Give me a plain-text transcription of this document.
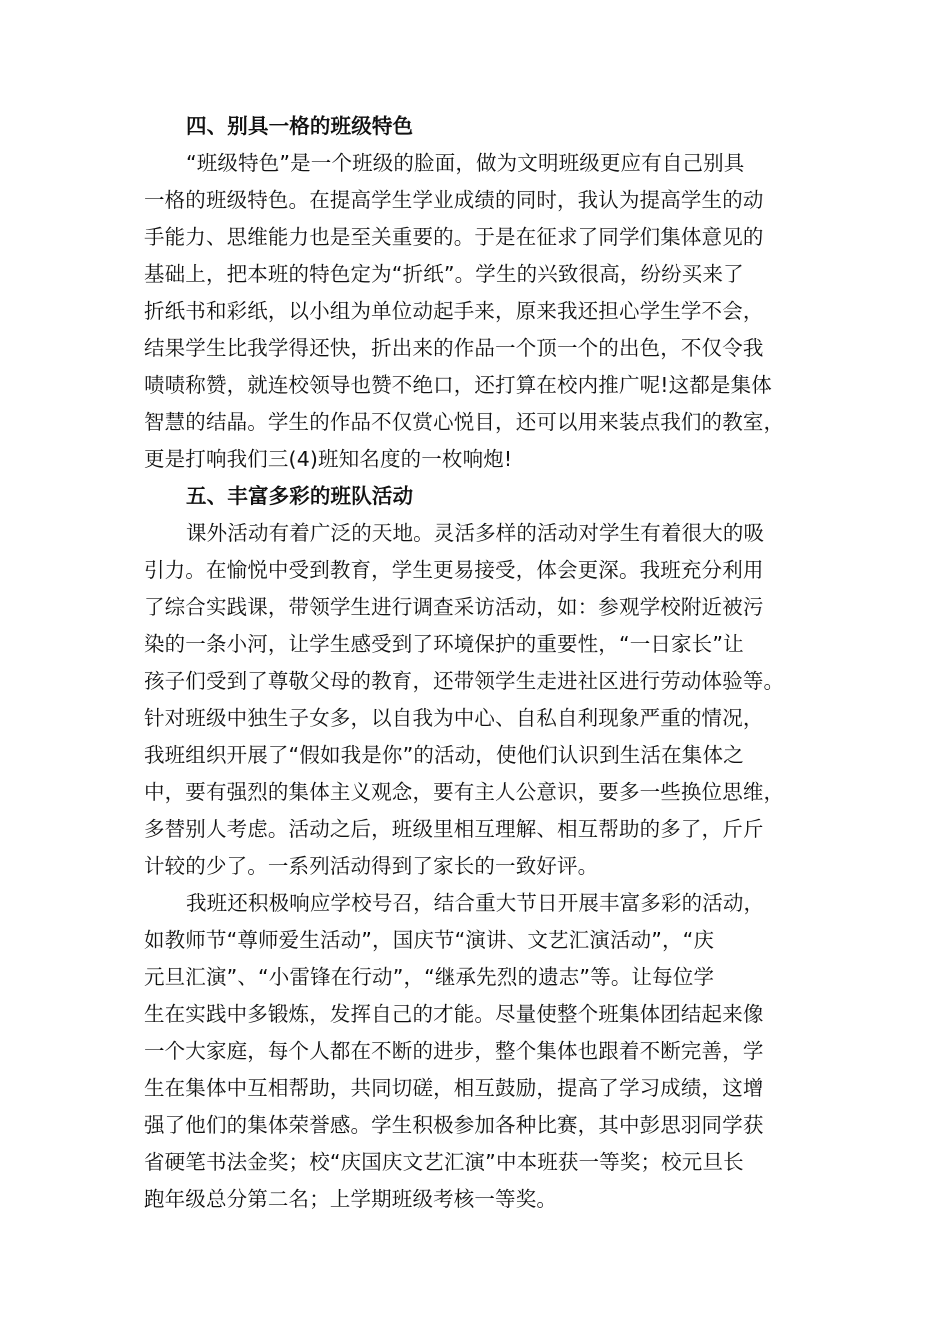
四、别具一格的班级特色
“班级特色”是一个班级的脸面，做为文明班级更应有自己别具
一格的班级特色。在提高学生学业成绩的同时，我认为提高学生的动
手能力、思维能力也是至关重要的。于是在征求了同学们集体意见的
基础上，把本班的特色定为“折纸”。学生的兴致很高，纷纷买来了
折纸书和彩纸，以小组为单位动起手来，原来我还担心学生学不会，
结果学生比我学得还快，折出来的作品一个顶一个的出色，不仅令我
啧啧称赞，就连校领导也赞不绝口，还打算在校内推广呢!这都是集体
智慧的结晶。学生的作品不仅赏心悦目，还可以用来装点我们的教室，
更是打响我们三(4)班知名度的一枚响炮!
五、丰富多彩的班队活动
课外活动有着广泛的天地。灵活多样的活动对学生有着很大的吸
引力。在愉悦中受到教育，学生更易接受，体会更深。我班充分利用
了综合实践课，带领学生进行调查采访活动，如：参观学校附近被污
染的一条小河，让学生感受到了环境保护的重要性，“一日家长”让
孩子们受到了尊敬父母的教育，还带领学生走进社区进行劳动体验等。
针对班级中独生子女多，以自我为中心、自私自利现象严重的情况，
我班组织开展了“假如我是你”的活动，使他们认识到生活在集体之
中，要有强烈的集体主义观念，要有主人公意识，要多一些换位思维，
多替别人考虑。活动之后，班级里相互理解、相互帮助的多了，斤斤
计较的少了。一系列活动得到了家长的一致好评。
我班还积极响应学校号召，结合重大节日开展丰富多彩的活动，
如教师节“尊师爱生活动”，国庆节“演讲、文艺汇演活动”，“庆
元旦汇演”、“小雷锋在行动”，“继承先烈的遗志”等。让每位学
生在实践中多锻炼，发挥自己的才能。尽量使整个班集体团结起来像
一个大家庭，每个人都在不断的进步，整个集体也跟着不断完善，学
生在集体中互相帮助，共同切磋，相互鼓励，提高了学习成绩，这增
强了他们的集体荣誉感。学生积极参加各种比赛，其中彭思羽同学获
省硬笔书法金奖；校“庆国庆文艺汇演”中本班获一等奖；校元旦长
跑年级总分第二名；上学期班级考核一等奖。
